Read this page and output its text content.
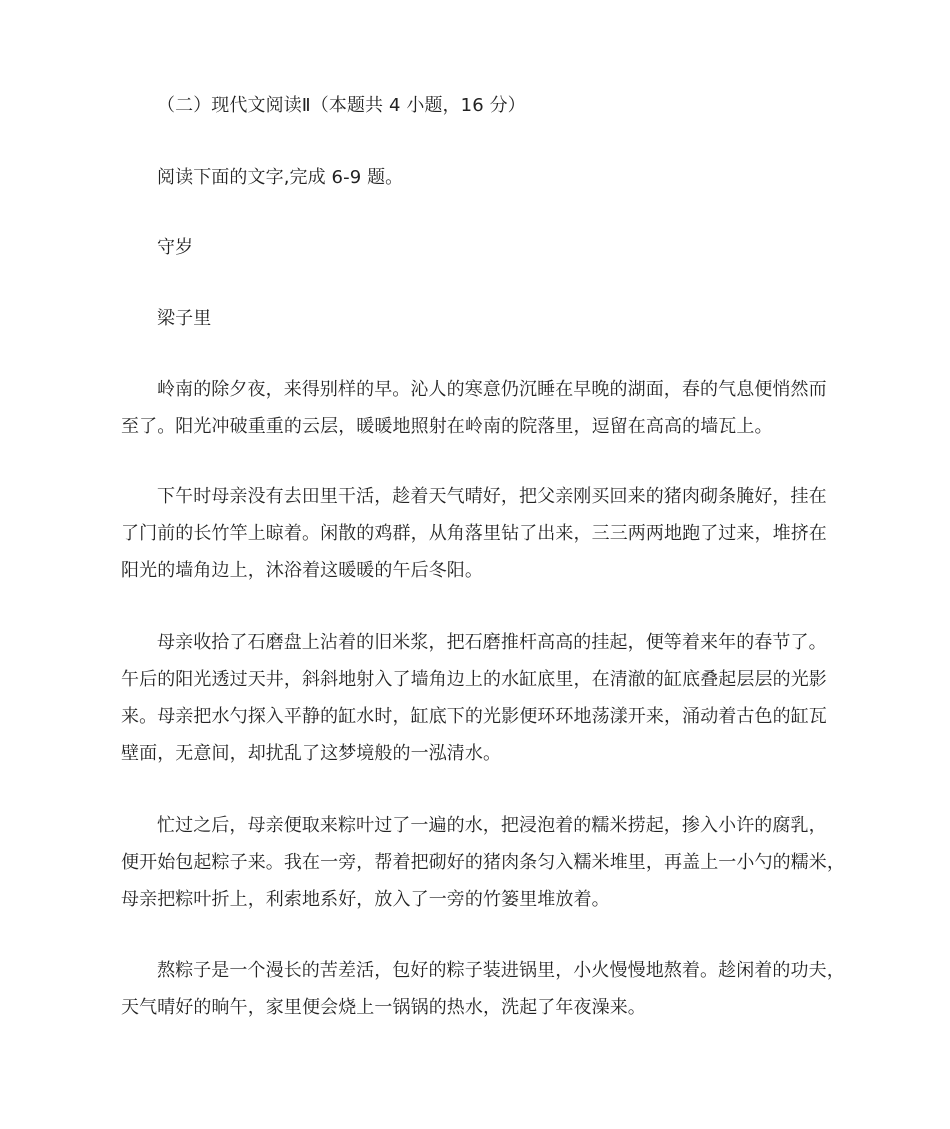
（二）现代文阅读Ⅱ（本题共 4 小题，16 分）

阅读下面的文字,完成 6-9 题。

守岁

梁子里

岭南的除夕夜，来得别样的早。沁人的寒意仍沉睡在早晚的湖面，春的气息便悄然而

至了。阳光冲破重重的云层，暖暖地照射在岭南的院落里，逗留在高高的墙瓦上。

下午时母亲没有去田里干活，趁着天气晴好，把父亲刚买回来的猪肉砌条腌好，挂在

了门前的长竹竿上晾着。闲散的鸡群，从角落里钻了出来，三三两两地跑了过来，堆挤在

阳光的墙角边上，沐浴着这暖暖的午后冬阳。

母亲收拾了石磨盘上沾着的旧米浆，把石磨推杆高高的挂起，便等着来年的春节了。

午后的阳光透过天井，斜斜地射入了墙角边上的水缸底里，在清澈的缸底叠起层层的光影

来。母亲把水勺探入平静的缸水时，缸底下的光影便环环地荡漾开来，涌动着古色的缸瓦

壁面，无意间，却扰乱了这梦境般的一泓清水。

忙过之后，母亲便取来粽叶过了一遍的水，把浸泡着的糯米捞起，掺入小许的腐乳，

便开始包起粽子来。我在一旁，帮着把砌好的猪肉条匀入糯米堆里，再盖上一小勺的糯米，

母亲把粽叶折上，利索地系好，放入了一旁的竹篓里堆放着。

熬粽子是一个漫长的苦差活，包好的粽子装进锅里，小火慢慢地熬着。趁闲着的功夫，

天气晴好的晌午，家里便会烧上一锅锅的热水，洗起了年夜澡来。
